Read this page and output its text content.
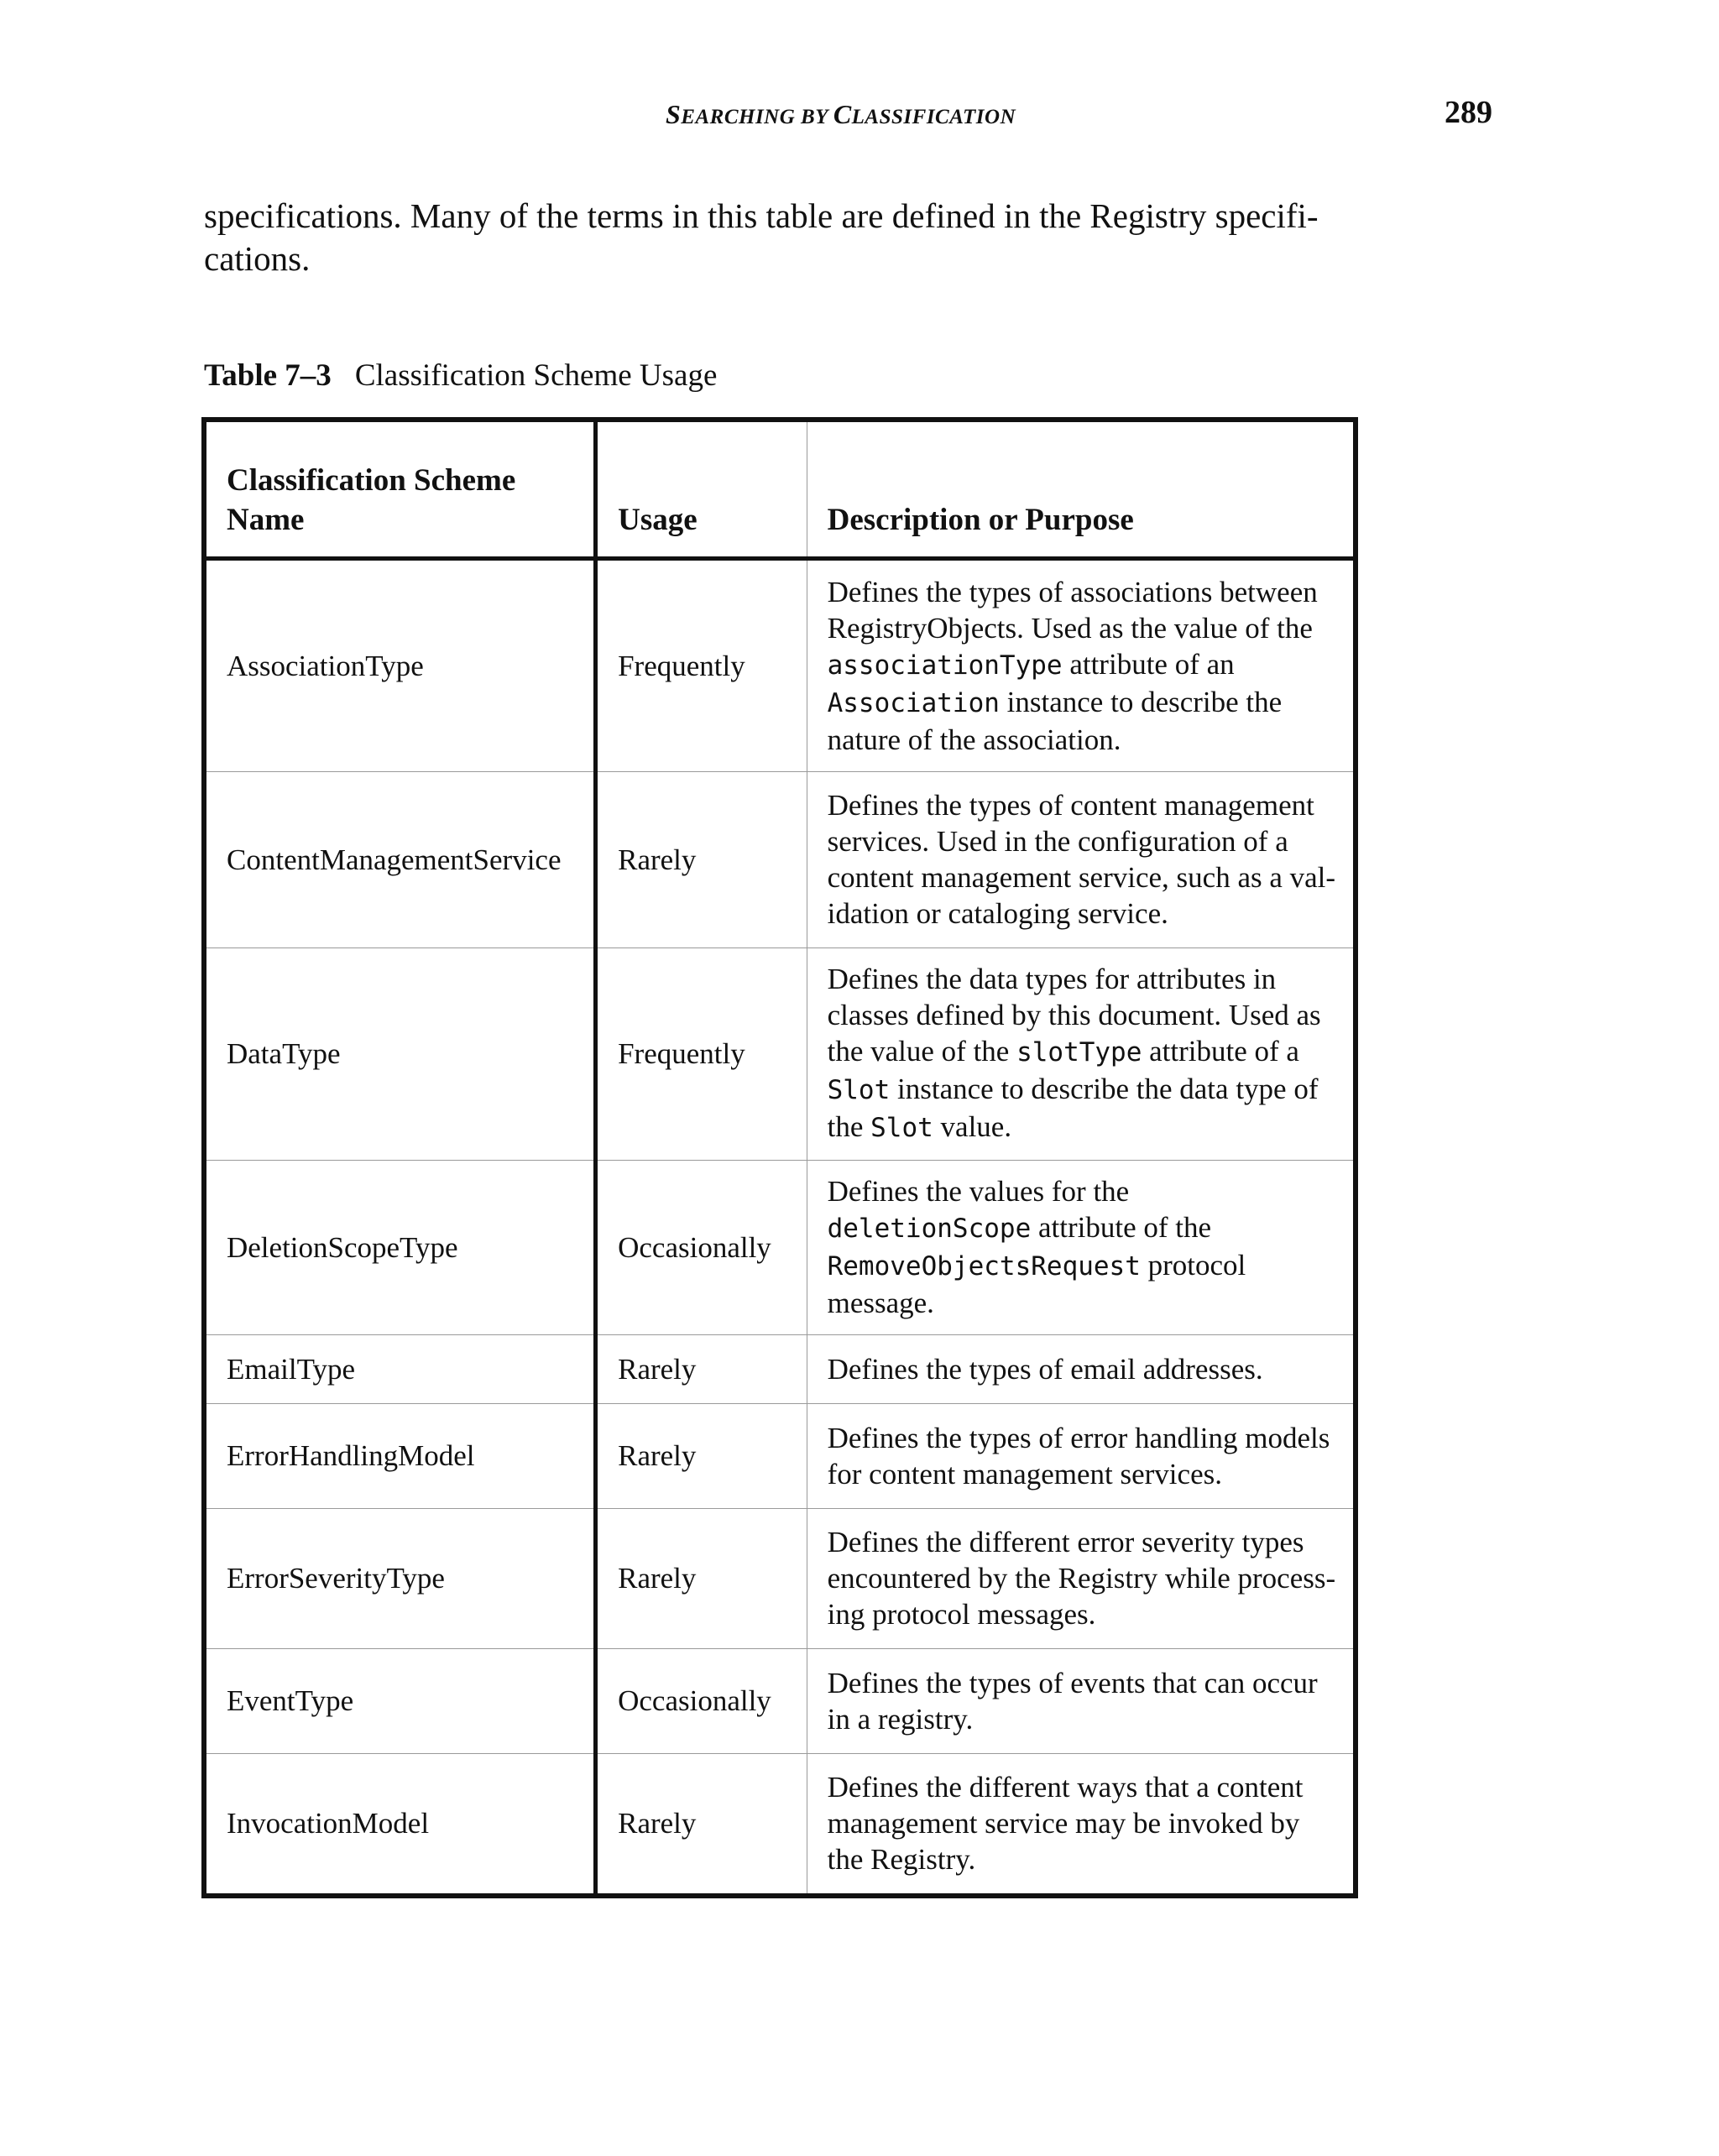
SEARCHING BY CLASSIFICATION	289

specifications. Many of the terms in this table are defined in the Registry specifi-cations.

Table 7–3 Classification Scheme Usage
Classification Scheme Name	Usage	Description or Purpose
AssociationType	Frequently	Defines the types of associations between RegistryObjects. Used as the value of the associationType attribute of an Association instance to describe the nature of the association.
ContentManagementService	Rarely	Defines the types of content management services. Used in the configuration of a content management service, such as a val-idation or cataloging service.
DataType	Frequently	Defines the data types for attributes in classes defined by this document. Used as the value of the slotType attribute of a Slot instance to describe the data type of the Slot value.
DeletionScopeType	Occasionally	Defines the values for the deletionScope attribute of the RemoveObjectsRequest protocol message.
EmailType	Rarely	Defines the types of email addresses.
ErrorHandlingModel	Rarely	Defines the types of error handling models for content management services.
ErrorSeverityType	Rarely	Defines the different error severity types encountered by the Registry while process-ing protocol messages.
EventType	Occasionally	Defines the types of events that can occur in a registry.
InvocationModel	Rarely	Defines the different ways that a content management service may be invoked by the Registry.
